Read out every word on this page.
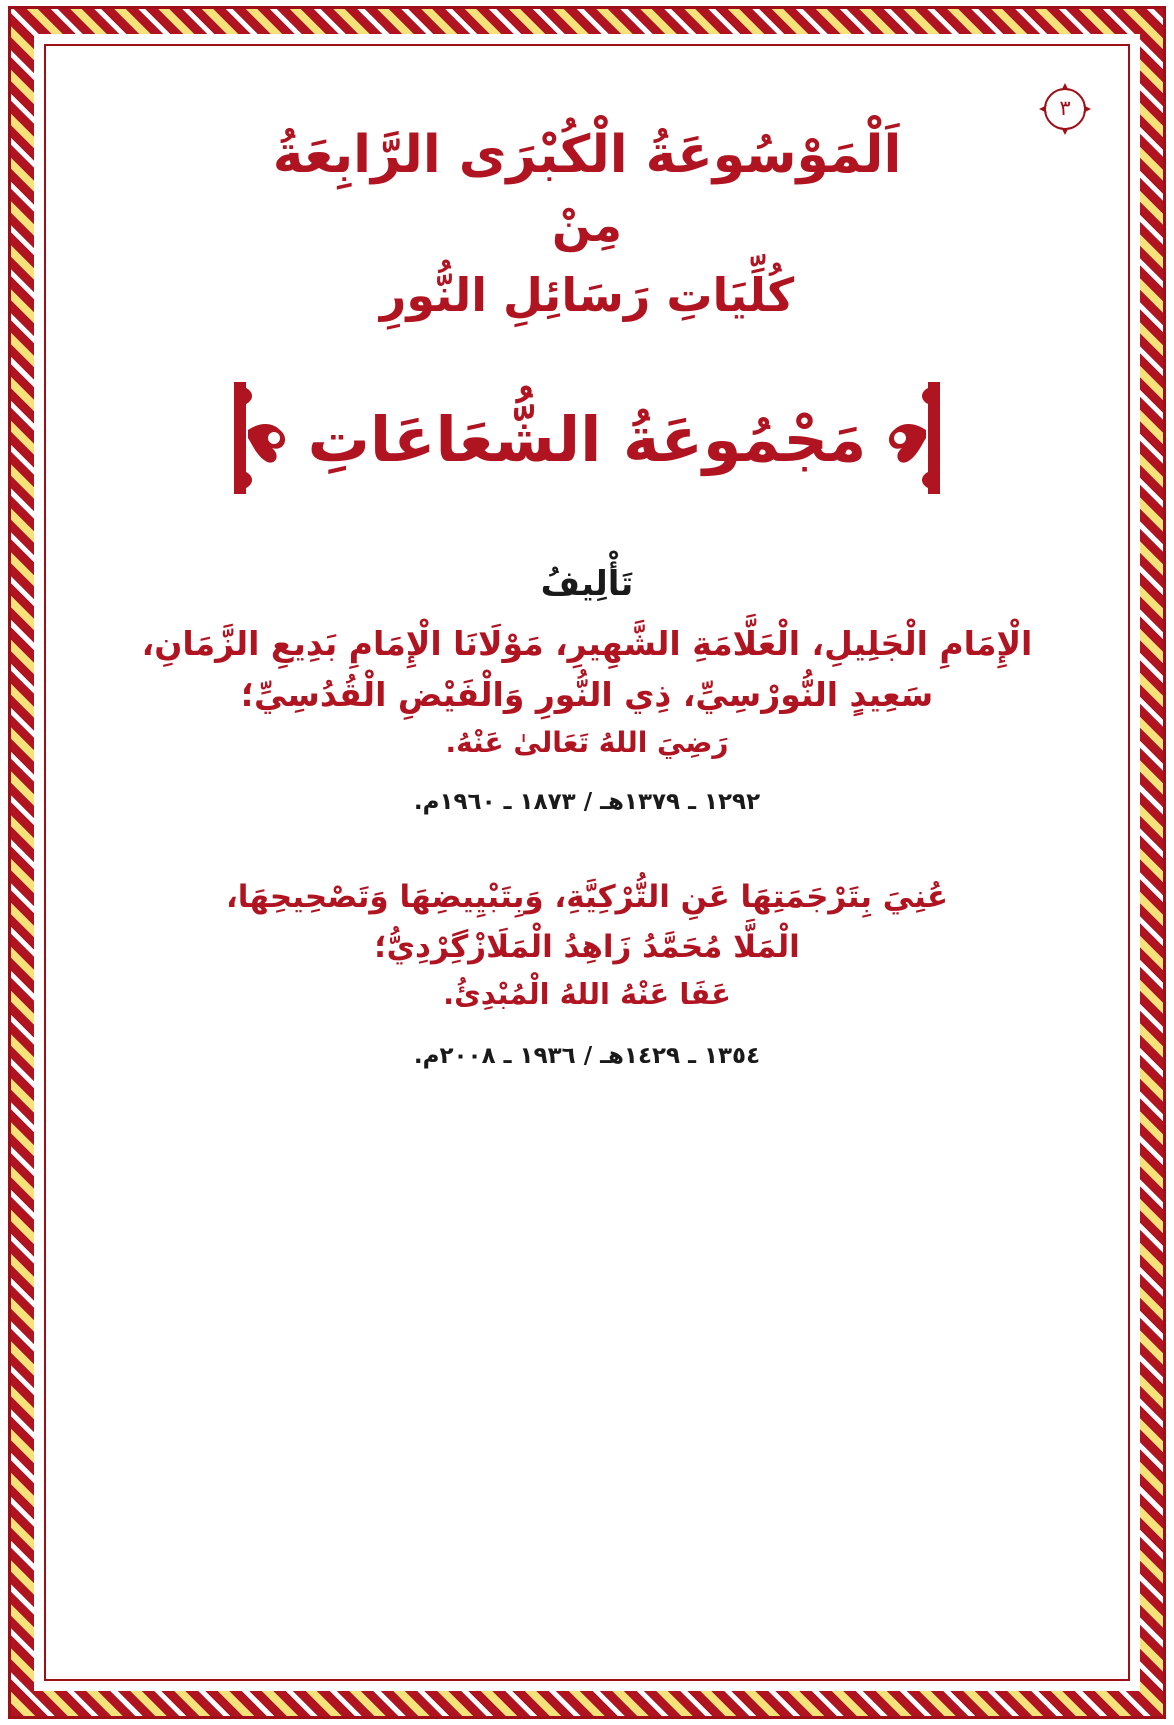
٣
اَلْمَوْسُوعَةُ الْكُبْرَى الرَّابِعَةُ
مِنْ
كُلِّيَاتِ رَسَائِلِ النُّورِ
مَجْمُوعَةُ الشُّعَاعَاتِ
تَأْلِيفُ
الْإِمَامِ الْجَلِيلِ، الْعَلَّامَةِ الشَّهِيرِ، مَوْلَانَا الْإِمَامِ بَدِيعِ الزَّمَانِ،
سَعِيدٍ النُّورْسِيِّ، ذِي النُّورِ وَالْفَيْضِ الْقُدُسِيِّ؛
رَضِيَ اللهُ تَعَالىٰ عَنْهُ.
١٢٩٢ ـ ١٣٧٩هـ / ١٨٧٣ ـ ١٩٦٠م.
عُنِيَ بِتَرْجَمَتِهَا عَنِ التُّرْكِيَّةِ، وَبِتَبْيِيضِهَا وَتَصْحِيحِهَا،
الْمَلَّا مُحَمَّدُ زَاهِدُ الْمَلَازْگِرْدِيُّ؛
عَفَا عَنْهُ اللهُ الْمُبْدِئُ.
١٣٥٤ ـ ١٤٢٩هـ / ١٩٣٦ ـ ٢٠٠٨م.
